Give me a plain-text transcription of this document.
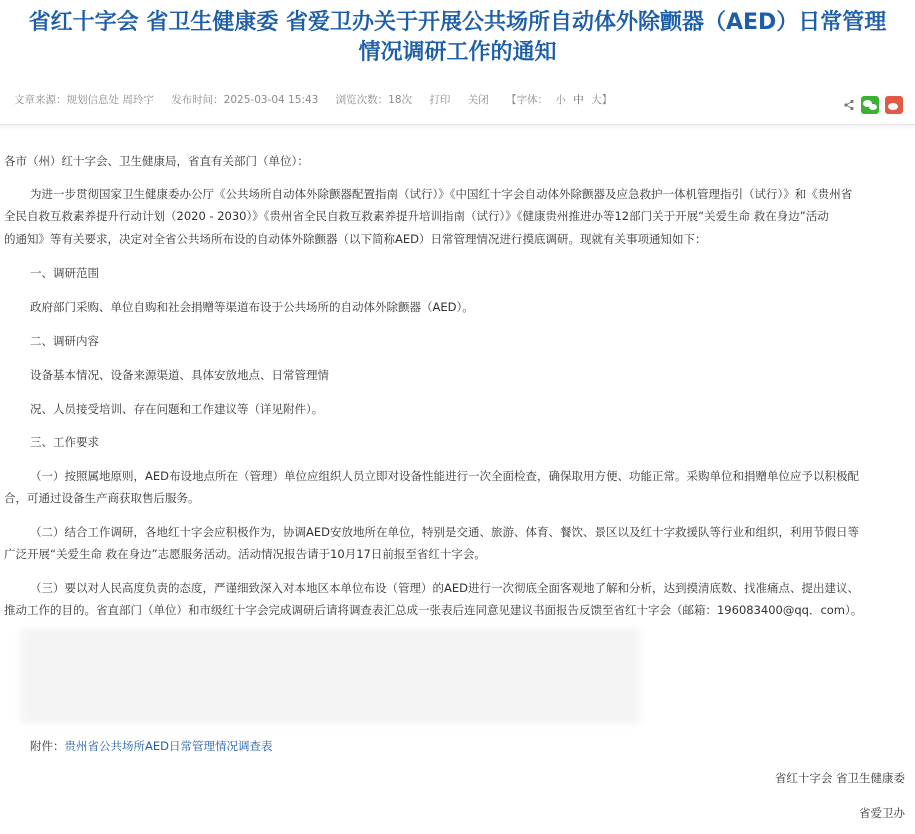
省红十字会 省卫生健康委 省爱卫办关于开展公共场所自动体外除颤器（AED）日常管理
情况调研工作的通知
文章来源：规划信息处 周玲宇 发布时间：2025-03-04 15:43 浏览次数：18次 打印 关闭 【字体： 小 中 大】
各市（州）红十字会、卫生健康局，省直有关部门（单位）：
为进一步贯彻国家卫生健康委办公厅《公共场所自动体外除颤器配置指南（试行）》《中国红十字会自动体外除颤器及应急救护一体机管理指引（试行）》和《贵州省
全民自救互救素养提升行动计划（2020 - 2030）》《贵州省全民自救互救素养提升培训指南（试行）》《健康贵州推进办等12部门关于开展“关爱生命 救在身边”活动
的通知》等有关要求，决定对全省公共场所布设的自动体外除颤器（以下简称AED）日常管理情况进行摸底调研。现就有关事项通知如下：
一、调研范围
政府部门采购、单位自购和社会捐赠等渠道布设于公共场所的自动体外除颤器（AED）。
二、调研内容
设备基本情况、设备来源渠道、具体安放地点、日常管理情
况、人员接受培训、存在问题和工作建议等（详见附件）。
三、工作要求
（一）按照属地原则，AED布设地点所在（管理）单位应组织人员立即对设备性能进行一次全面检查，确保取用方便、功能正常。采购单位和捐赠单位应予以积极配
合，可通过设备生产商获取售后服务。
（二）结合工作调研，各地红十字会应积极作为，协调AED安放地所在单位，特别是交通、旅游、体育、餐饮、景区以及红十字救援队等行业和组织，利用节假日等
广泛开展“关爱生命 救在身边”志愿服务活动。活动情况报告请于10月17日前报至省红十字会。
（三）要以对人民高度负责的态度，严谨细致深入对本地区本单位布设（管理）的AED进行一次彻底全面客观地了解和分析，达到摸清底数、找准痛点、提出建议、
推动工作的目的。省直部门（单位）和市级红十字会完成调研后请将调查表汇总成一张表后连同意见建议书面报告反馈至省红十字会（邮箱：196083400@qq．com）。
附件：贵州省公共场所AED日常管理情况调查表
省红十字会 省卫生健康委
省爱卫办
